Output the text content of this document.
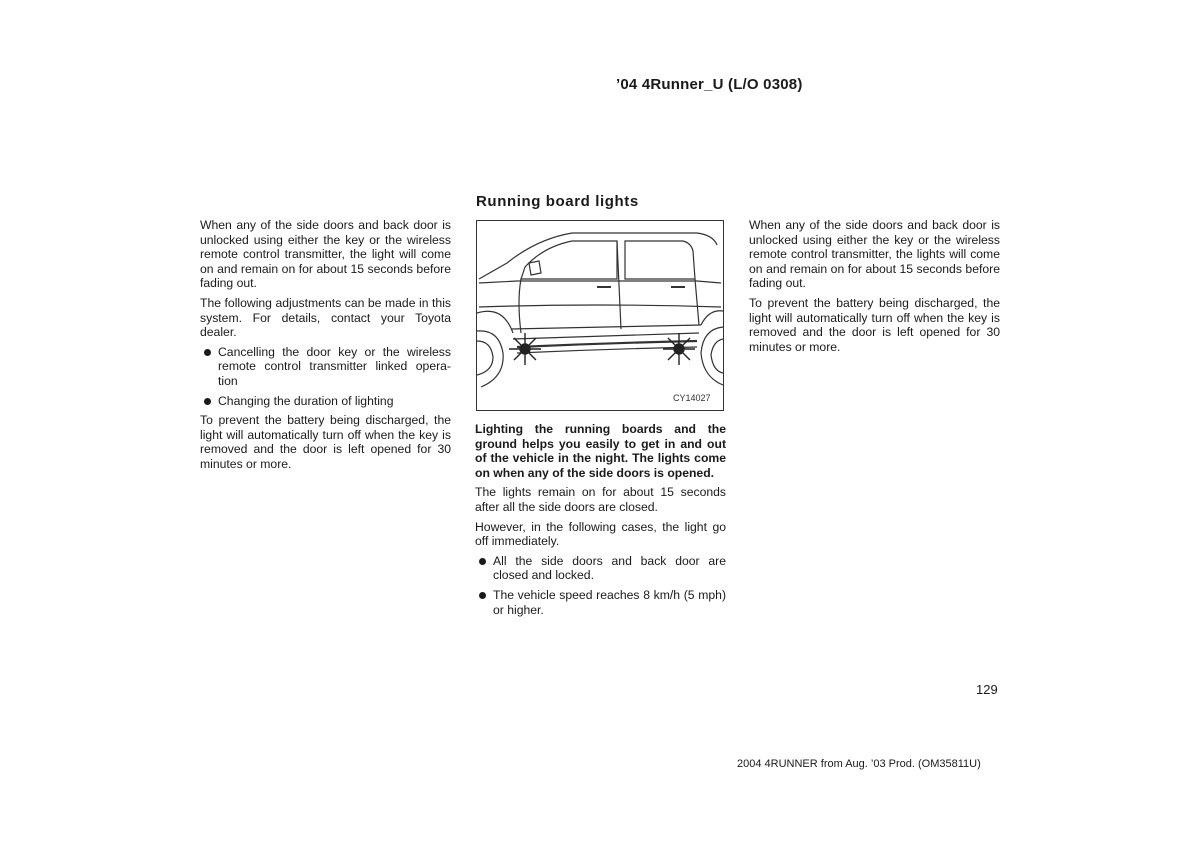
’04 4Runner_U (L/O 0308)
Running board lights

When any of the side doors and back door is unlocked using either the key or the wireless remote control transmitter, the light will come on and remain on for about 15 seconds before fading out.

The following adjustments can be made in this system. For details, contact your Toyota dealer.

Cancelling the door key or the wireless remote control transmitter linked opera- tion
Changing the duration of lighting

To prevent the battery being discharged, the light will automatically turn off when the key is removed and the door is left opened for 30 minutes or more.

CY14027

Lighting the running boards and the ground helps you easily to get in and out of the vehicle in the night. The lights come on when any of the side doors is opened.

The lights remain on for about 15 seconds after all the side doors are closed.

However, in the following cases, the light go off immediately.

All the side doors and back door are closed and locked.
The vehicle speed reaches 8 km/h (5 mph) or higher.

When any of the side doors and back door is unlocked using either the key or the wireless remote control transmitter, the lights will come on and remain on for about 15 seconds before fading out.

To prevent the battery being discharged, the light will automatically turn off when the key is removed and the door is left opened for 30 minutes or more.

129
2004 4RUNNER from Aug. ’03 Prod. (OM35811U)
